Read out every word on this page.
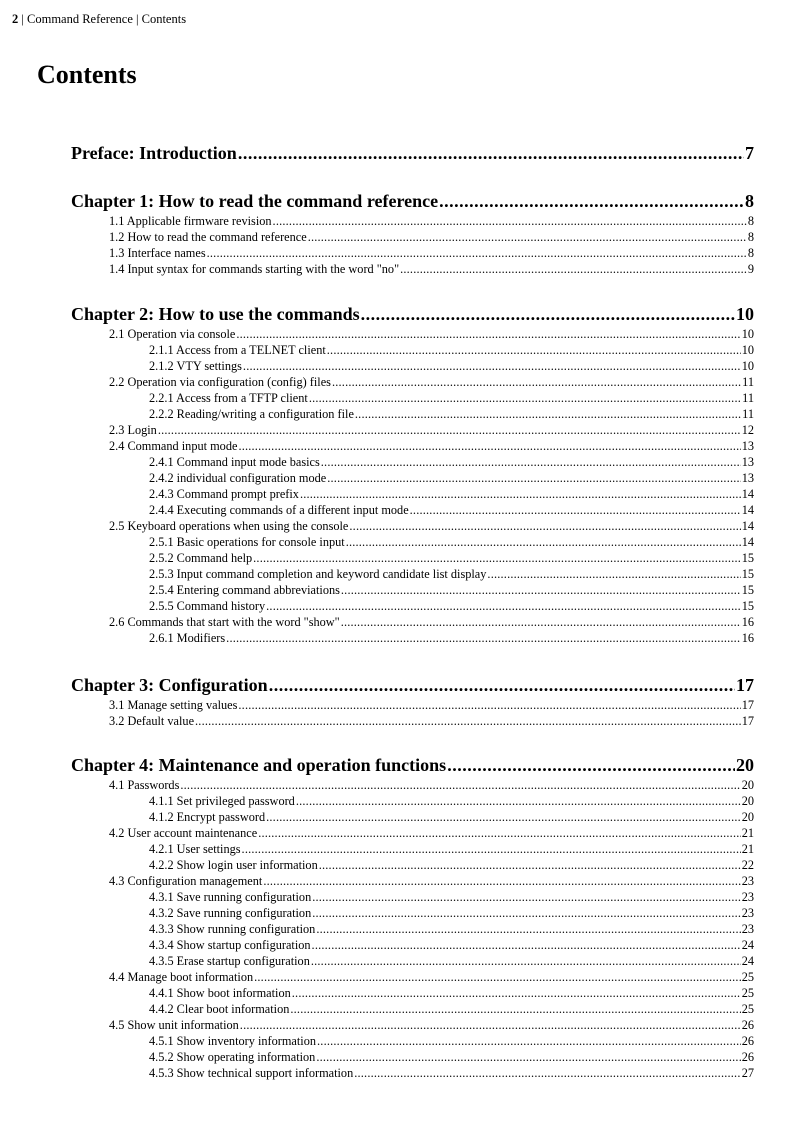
2 | Command Reference | Contents
Contents
Preface: Introduction .....	7
Chapter 1: How to read the command reference .....	8
1.1 Applicable firmware revision .....	8
1.2 How to read the command reference .....	8
1.3 Interface names .....	8
1.4 Input syntax for commands starting with the word "no" .....	9
Chapter 2: How to use the commands .....	10
2.1 Operation via console .....	10
2.1.1 Access from a TELNET client .....	10
2.1.2 VTY settings .....	10
2.2 Operation via configuration (config) files .....	11
2.2.1 Access from a TFTP client .....	11
2.2.2 Reading/writing a configuration file .....	11
2.3 Login .....	12
2.4 Command input mode .....	13
2.4.1 Command input mode basics .....	13
2.4.2 individual configuration mode .....	13
2.4.3 Command prompt prefix .....	14
2.4.4 Executing commands of a different input mode .....	14
2.5 Keyboard operations when using the console .....	14
2.5.1 Basic operations for console input .....	14
2.5.2 Command help .....	15
2.5.3 Input command completion and keyword candidate list display .....	15
2.5.4 Entering command abbreviations .....	15
2.5.5 Command history .....	15
2.6 Commands that start with the word "show" .....	16
2.6.1 Modifiers .....	16
Chapter 3: Configuration .....	17
3.1 Manage setting values .....	17
3.2 Default value .....	17
Chapter 4: Maintenance and operation functions .....	20
4.1 Passwords .....	20
4.1.1 Set privileged password .....	20
4.1.2 Encrypt password .....	20
4.2 User account maintenance .....	21
4.2.1 User settings .....	21
4.2.2 Show login user information .....	22
4.3 Configuration management .....	23
4.3.1 Save running configuration .....	23
4.3.2 Save running configuration .....	23
4.3.3 Show running configuration .....	23
4.3.4 Show startup configuration .....	24
4.3.5 Erase startup configuration .....	24
4.4 Manage boot information .....	25
4.4.1 Show boot information .....	25
4.4.2 Clear boot information .....	25
4.5 Show unit information .....	26
4.5.1 Show inventory information .....	26
4.5.2 Show operating information .....	26
4.5.3 Show technical support information .....	27
